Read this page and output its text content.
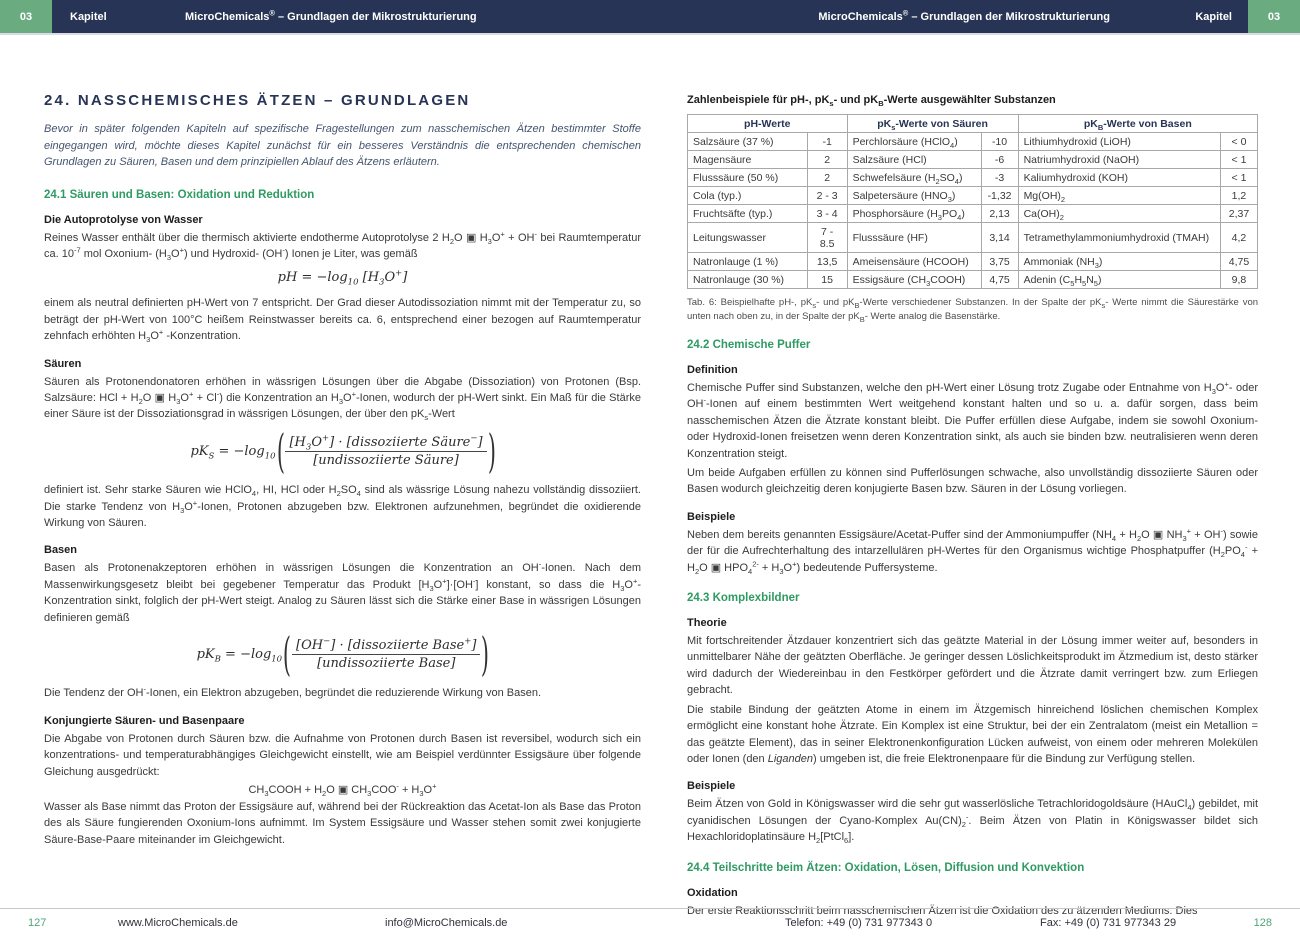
03	Kapitel	MicroChemicals® – Grundlagen der Mikrostrukturierung	MicroChemicals® – Grundlagen der Mikrostrukturierung	Kapitel	03
24. NASSCHEMISCHES ÄTZEN – GRUNDLAGEN

Bevor in später folgenden Kapiteln auf spezifische Fragestellungen zum nasschemischen Ätzen bestimmter Stoffe eingegangen wird, möchte dieses Kapitel zunächst für ein besseres Verständnis die entsprechenden chemischen Grundlagen zu Säuren, Basen und dem prinzipiellen Ablauf des Ätzens erläutern.

24.1 Säuren und Basen: Oxidation und Reduktion
Die Autoprotolyse von Wasser

Reines Wasser enthält über die thermisch aktivierte endotherme Autoprotolyse 2 $H_2O$ ▣ $H_3O^+ + OH^-$ bei Raumtemperatur ca. $10^{-7}$ mol Oxonium- $(H_3O^+)$ und Hydroxid- (OH-) Ionen je Liter, was gemäß

pH = $-\log_{10}$ $[H_3O^+]$

einem als neutral definierten pH-Wert von 7 entspricht. Der Grad dieser Autodissoziation nimmt mit der Temperatur zu, so beträgt der pH-Wert von 100°C heißem Reinstwasser bereits ca. 6, entsprechend einer bezogen auf Raumtemperatur zehnfach erhöhten $H_3O^+$ -Konzentration.

Säuren

Säuren als Protonendonatoren erhöhen in wässrigen Lösungen über die Abgabe (Dissoziation) von Protonen (Bsp. Salzsäure: HCl + $H_2O$ ▣ $H_3O^+ + Cl^-$) die Konzentration an $H_3O^+$-Ionen, wodurch der pH-Wert sinkt. Ein Maß für die Stärke einer Säure ist der Dissoziationsgrad in wässrigen Lösungen, der über den $pK_s$-Wert

$pK_S = -\log_{10}$ ( $\frac{[H_3O^+] \cdot [dissoziierte Säure^-]}{\text{[undissoziierte Säure]}}$ )

definiert ist. Sehr starke Säuren wie HClO$_4$, HI, HCl oder $H_2SO_4$ sind als wässrige Lösung nahezu vollständig dissoziiert. Die starke Tendenz von $H_3O^+$-Ionen, Protonen abzugeben bzw. Elektronen aufzunehmen, begründet die oxidierende Wirkung von Säuren.

Basen

Basen als Protonenakzeptoren erhöhen in wässrigen Lösungen die Konzentration an OH--Ionen. Nach dem Massenwirkungsgesetz bleibt bei gegebener Temperatur das Produkt $[H_3O^+]\cdot[OH^-]$ konstant, so dass die $H_3O^+$-Konzentration sinkt, folglich der pH-Wert steigt. Analog zu Säuren lässt sich die Stärke einer Base in wässrigen Lösungen definieren gemäß

$pK_B = -\log_{10}$ ( $\frac{[OH^-] \cdot [dissoziierte Base^+]}{\text{[undissoziierte Base]}}$ )

Die Tendenz der OH--Ionen, ein Elektron abzugeben, begründet die reduzierende Wirkung von Basen.

Konjungierte Säuren- und Basenpaare

Die Abgabe von Protonen durch Säuren bzw. die Aufnahme von Protonen durch Basen ist reversibel, wodurch sich ein konzentrations- und temperaturabhängiges Gleichgewicht einstellt, wie am Beispiel verdünnter Essigsäure über folgende Gleichung ausgedrückt:

$CH_3COOH + H_2O$ ▣ $CH_3COO^- + H_3O^+$

Wasser als Base nimmt das Proton der Essigsäure auf, während bei der Rückreaktion das Acetat-Ion als Base das Proton des als Säure fungierenden Oxonium-Ions aufnimmt. Im System Essigsäure und Wasser stehen somit zwei konjugierte Säure-Base-Paare miteinander im Gleichgewicht.

Zahlenbeispiele für pH-, $pK_s-$ und $pK_B$-Werte ausgewählter Substanzen
pH-Werte		$pK_s$-Werte von Säuren		$pK_B$-Werte von Basen	
Salzsäure (37 %)	-1	Perchlorsäure (HClO$_4$)	-10	Lithiumhydroxid (LiOH)	< 0
Magensäure	2	Salzsäure (HCl)	-6	Natriumhydroxid (NaOH)	< 1
Flusssäure (50 %)	2	Schwefelsäure $(H_2SO_4)$	-3	Kaliumhydroxid (KOH)	< 1
Cola (typ.)	2 - 3	Salpetersäure $(HNO_3)$	-1,32	$Mg(OH)_2$	1,2
Fruchtsäfte (typ.)	3 - 4	Phosphorsäure $(H_3PO_4)$	2,13	$Ca(OH)_2$	2,37
Leitungswasser	7 - 8.5	Flusssäure (HF)	3,14	Tetramethylammoniumhydroxid (TMAH)	4,2
Natronlauge (1 %)	13,5	Ameisensäure (HCOOH)	3,75	Ammoniak $(NH_3)$	4,75
Natronlauge (30 %)	15	Essigsäure $(CH_3COOH)$	4,75	Adenin $(C_5H_5N_5)$	9,8

Tab. 6: Beispielhafte pH-, $pK_s-$ und $pK_B$-Werte verschiedener Substanzen. In der Spalte der $pK_s-$ Werte nimmt die Säurestärke von unten nach oben zu, in der Spalte der $pK_B-$ Werte analog die Basenstärke.

24.2 Chemische Puffer
Definition

Chemische Puffer sind Substanzen, welche den pH-Wert einer Lösung trotz Zugabe oder Entnahme von $H_3O^+-$ oder OH--Ionen auf einem bestimmten Wert weitgehend konstant halten und so u. a. dafür sorgen, dass beim nasschemischen Ätzen die Ätzrate konstant bleibt. Die Puffer erfüllen diese Aufgabe, indem sie sowohl Oxonium- oder Hydroxid-Ionen freisetzen wenn deren Konzentration sinkt, als auch sie binden bzw. neutralisieren wenn deren Konzentration steigt.

Um beide Aufgaben erfüllen zu können sind Pufferlösungen schwache, also unvollständig dissoziierte Säuren oder Basen wodurch gleichzeitig deren konjugierte Basen bzw. Säuren in der Lösung vorliegen.

Beispiele

Neben dem bereits genannten Essigsäure/Acetat-Puffer sind der Ammoniumpuffer ($NH_4 + H_2O$ ▣ $NH_3^+ + OH^-$) sowie der für die Aufrechterhaltung des intarzellulären pH-Wertes für den Organismus wichtige Phosphatpuffer ($H_2PO_4^- + H_2O$ ▣ $HPO_4^{2-} + H_3O^+$) bedeutende Puffersysteme.

24.3 Komplexbildner
Theorie

Mit fortschreitender Ätzdauer konzentriert sich das geätzte Material in der Lösung immer weiter auf, besonders in unmittelbarer Nähe der geätzten Oberfläche. Je geringer dessen Löslichkeitsprodukt im Ätzmedium ist, desto stärker wird dadurch der Wiedereinbau in den Festkörper gefördert und die Ätzrate damit verringert bzw. zum Erliegen gebracht.

Die stabile Bindung der geätzten Atome in einem im Ätzgemisch hinreichend löslichen chemischen Komplex ermöglicht eine konstant hohe Ätzrate. Ein Komplex ist eine Struktur, bei der ein Zentralatom (meist ein Metallion = das geätzte Element), das in seiner Elektronenkonfiguration Lücken aufweist, von einem oder mehreren Molekülen oder Ionen (den Liganden) umgeben ist, die freie Elektronenpaare für die Bindung zur Verfügung stellen.

Beispiele

Beim Ätzen von Gold in Königswasser wird die sehr gut wasserlösliche Tetrachloridogoldsäure (HAuCl$_4$) gebildet, mit cyanidischen Lösungen der Cyano-Komplex $Au(CN)_2^-$. Beim Ätzen von Platin in Königswasser bildet sich Hexachloridoplatinsäure $H_2[PtCl_6]$.

24.4 Teilschritte beim Ätzen: Oxidation, Lösen, Diffusion und Konvektion
Oxidation

Der erste Reaktionsschritt beim nasschemischen Ätzen ist die Oxidation des zu ätzenden Mediums. Dies

127	www.MicroChemicals.de	info@MicroChemicals.de	Telefon: +49 (0) 731 977343 0	Fax: +49 (0) 731 977343 29	128
